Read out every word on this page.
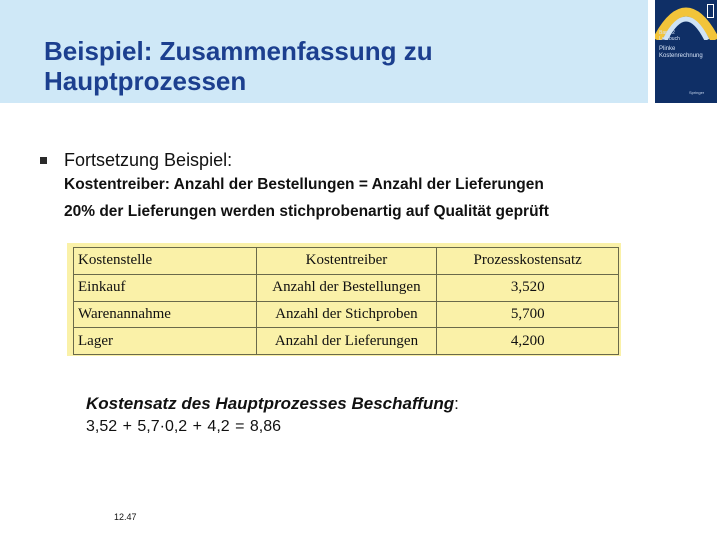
Beispiel: Zusammenfassung zu
Hauptprozessen
Band 2
Lehrbuch
Plinke
Kostenrechnung
Springer
Fortsetzung Beispiel:
Kostentreiber: Anzahl der Bestellungen = Anzahl der Lieferungen
20% der Lieferungen werden stichprobenartig auf Qualität geprüft
Kostenstelle	Kostentreiber	Prozesskostensatz
Einkauf	Anzahl der Bestellungen	3,520
Warenannahme	Anzahl der Stichproben	5,700
Lager	Anzahl der Lieferungen	4,200
Kostensatz des Hauptprozesses Beschaffung:
3,52 + 5,7·0,2 + 4,2 = 8,86
12.47
